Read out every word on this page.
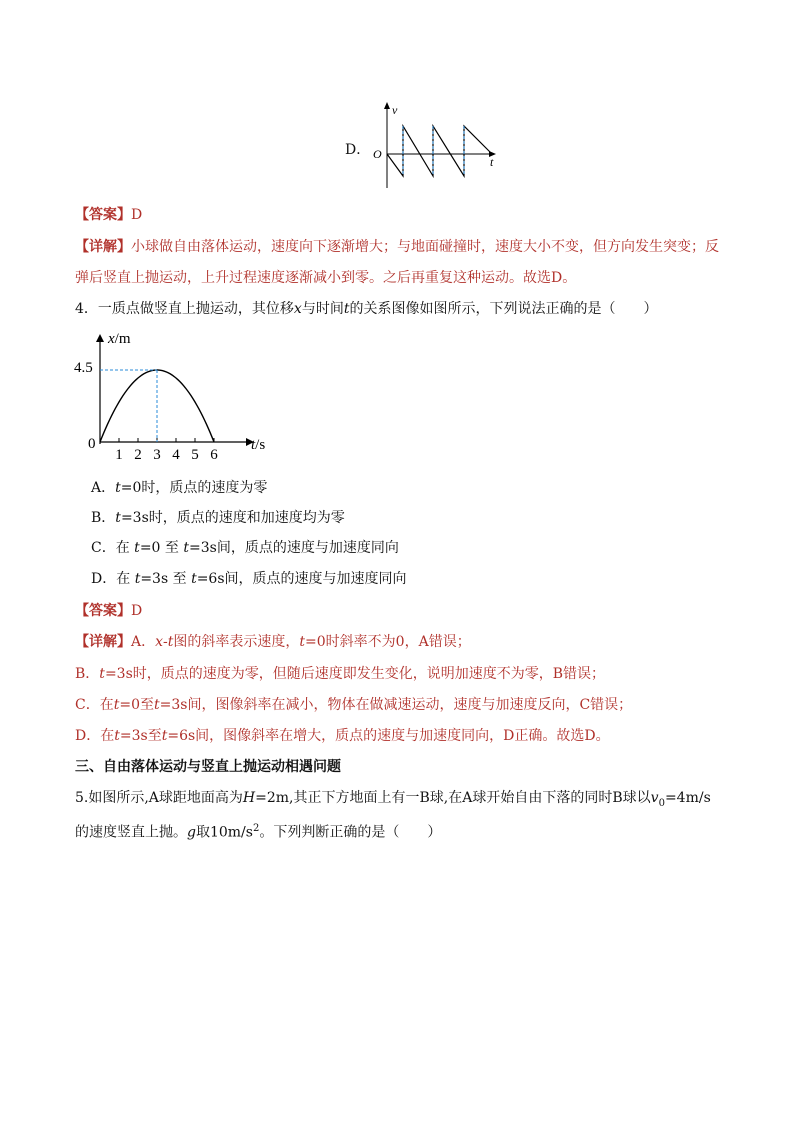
D．
v
t
O
【答案】D
【详解】小球做自由落体运动，速度向下逐渐增大；与地面碰撞时，速度大小不变，但方向发生突变；反
弹后竖直上抛运动，上升过程速度逐渐减小到零。之后再重复这种运动。故选D。
4．一质点做竖直上抛运动，其位移x与时间t的关系图像如图所示，下列说法正确的是（　　）
x/m
t/s
4.5
0
1 2 3 4 5 6
A．t=0时，质点的速度为零
B．t=3s时，质点的速度和加速度均为零
C．在 t=0 至 t=3s间，质点的速度与加速度同向
D．在 t=3s 至 t=6s间，质点的速度与加速度同向
【答案】D
【详解】A．x-t图的斜率表示速度，t=0时斜率不为0，A错误；
B．t=3s时，质点的速度为零，但随后速度即发生变化，说明加速度不为零，B错误；
C．在t=0至t=3s间，图像斜率在减小，物体在做减速运动，速度与加速度反向，C错误；
D．在t=3s至t=6s间，图像斜率在增大，质点的速度与加速度同向，D正确。故选D。
三、自由落体运动与竖直上抛运动相遇问题
5.如图所示,A球距地面高为H=2m,其正下方地面上有一B球,在A球开始自由下落的同时B球以$v_0=4m/s$
的速度竖直上抛。g取$10m/s^2$。下列判断正确的是（　　）
